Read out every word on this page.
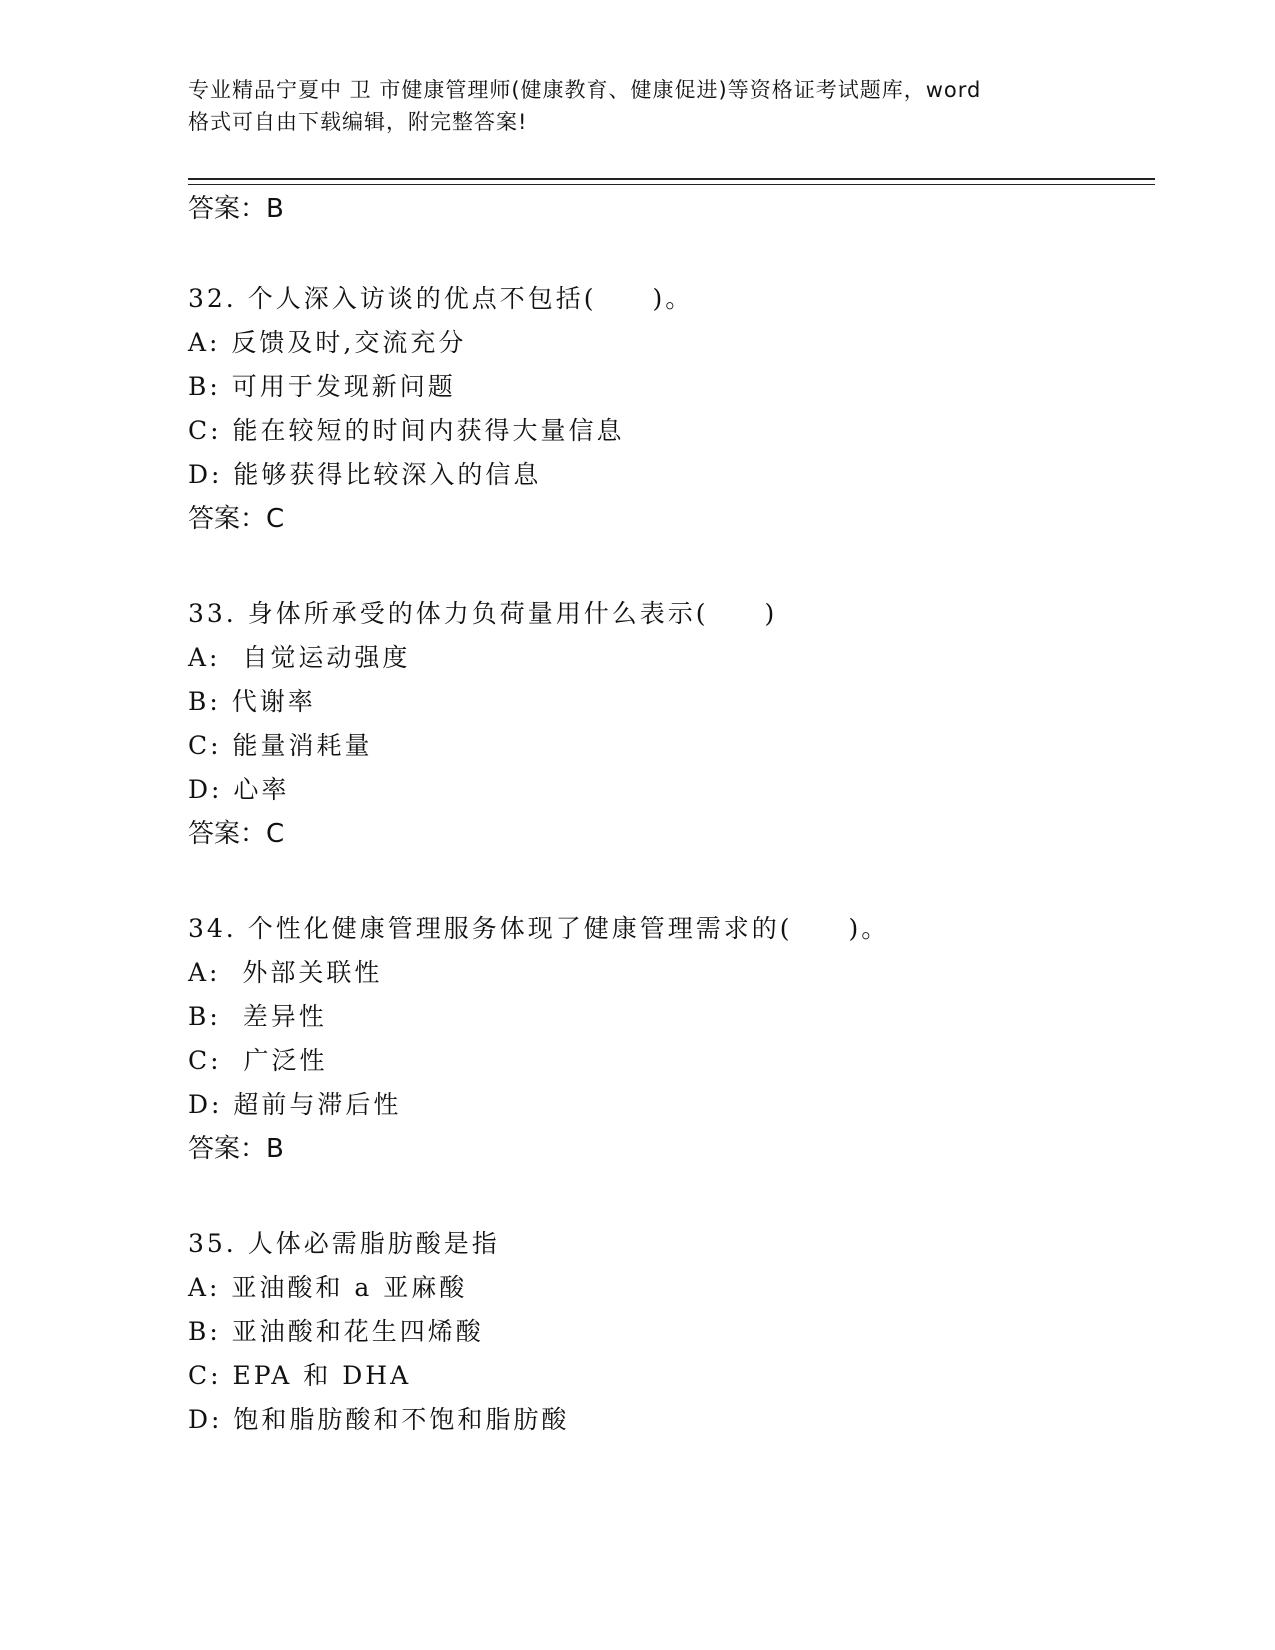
专业精品宁夏中 卫 市健康管理师(健康教育、健康促进)等资格证考试题库，word
格式可自由下载编辑，附完整答案!
答案：B
32. 个人深入访谈的优点不包括(　　)。
A: 反馈及时,交流充分
B: 可用于发现新问题
C: 能在较短的时间内获得大量信息
D: 能够获得比较深入的信息
答案：C
33. 身体所承受的体力负荷量用什么表示(　　)
A:  自觉运动强度
B: 代谢率
C: 能量消耗量
D: 心率
答案：C
34. 个性化健康管理服务体现了健康管理需求的(　　)。
A:  外部关联性
B:  差异性
C:  广泛性
D: 超前与滞后性
答案：B
35. 人体必需脂肪酸是指
A: 亚油酸和 a 亚麻酸
B: 亚油酸和花生四烯酸
C: EPA 和 DHA
D: 饱和脂肪酸和不饱和脂肪酸
